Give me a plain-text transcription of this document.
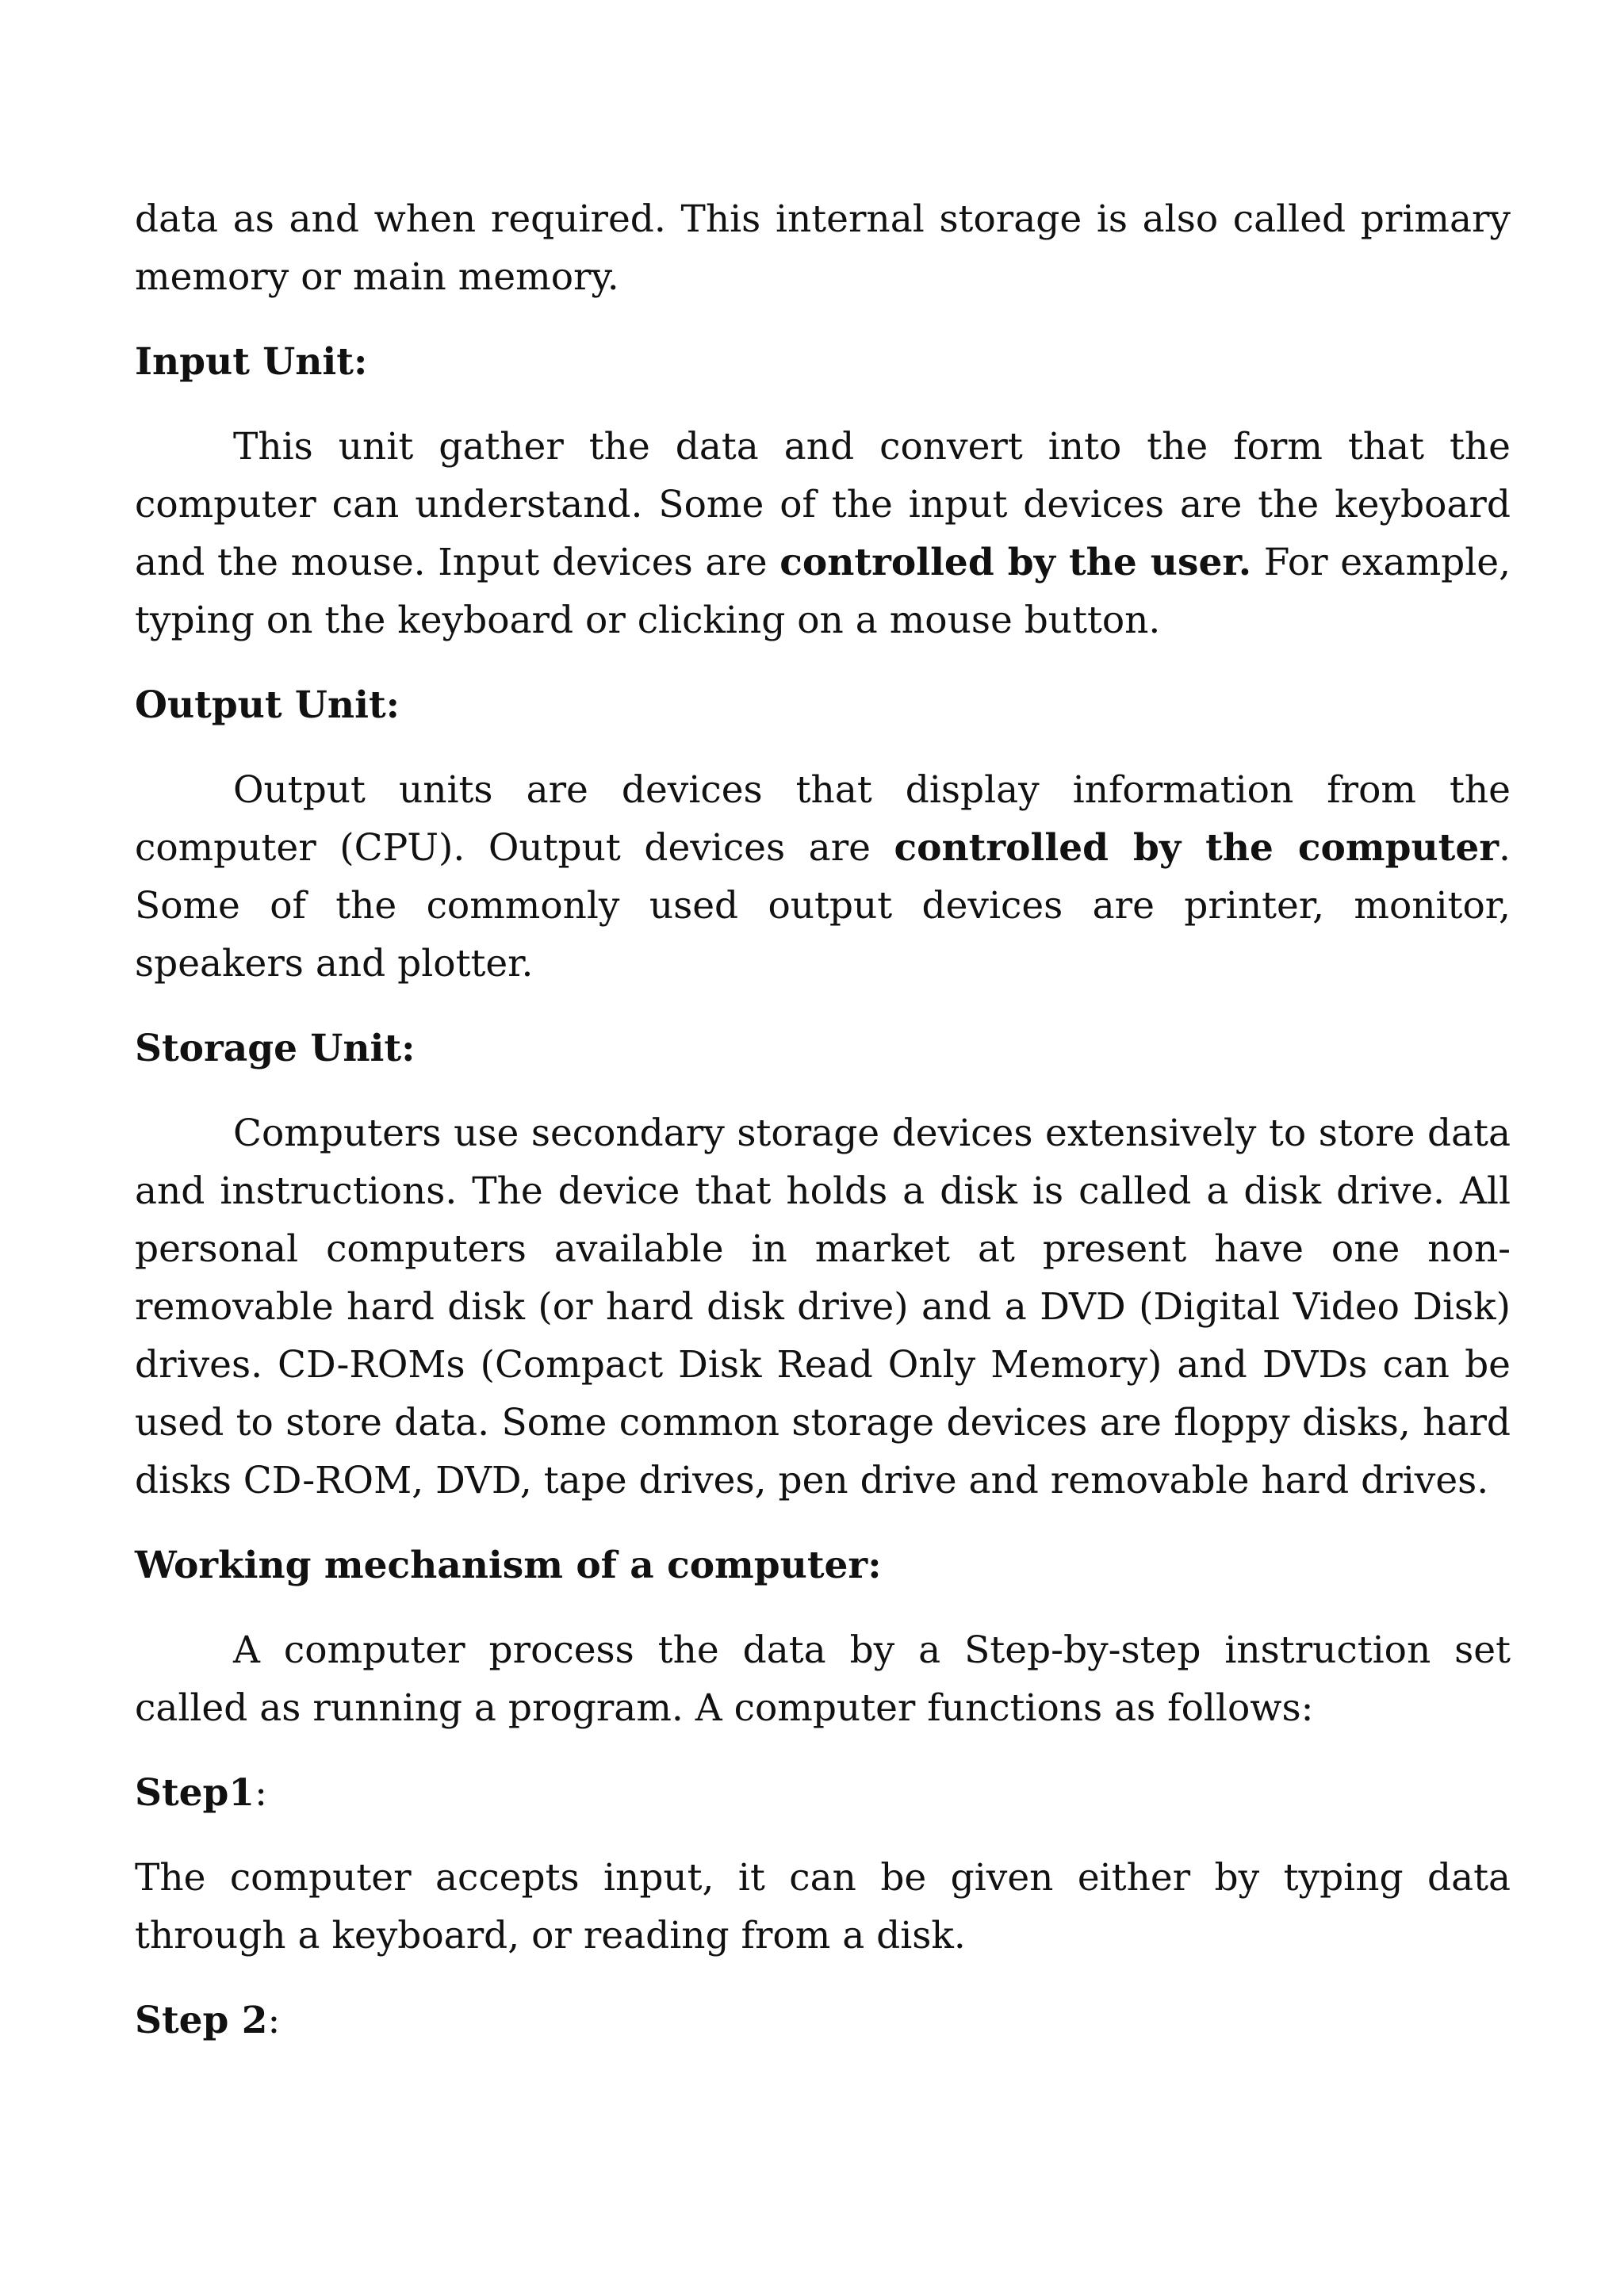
data as and when required. This internal storage is also called primary memory or main memory.

Input Unit:

This unit gather the data and convert into the form that the computer can understand. Some of the input devices are the keyboard and the mouse. Input devices are controlled by the user. For example, typing on the keyboard or clicking on a mouse button.

Output Unit:

Output units are devices that display information from the computer (CPU). Output devices are controlled by the computer. Some of the commonly used output devices are printer, monitor, speakers and plotter.

Storage Unit:

Computers use secondary storage devices extensively to store data and instructions. The device that holds a disk is called a disk drive. All personal computers available in market at present have one non-removable hard disk (or hard disk drive) and a DVD (Digital Video Disk) drives. CD-ROMs (Compact Disk Read Only Memory) and DVDs can be used to store data. Some common storage devices are floppy disks, hard disks CD-ROM, DVD, tape drives, pen drive and removable hard drives.

Working mechanism of a computer:

A computer process the data by a Step-by-step instruction set called as running a program. A computer functions as follows:

Step1:

The computer accepts input, it can be given either by typing data through a keyboard, or reading from a disk.

Step 2:
